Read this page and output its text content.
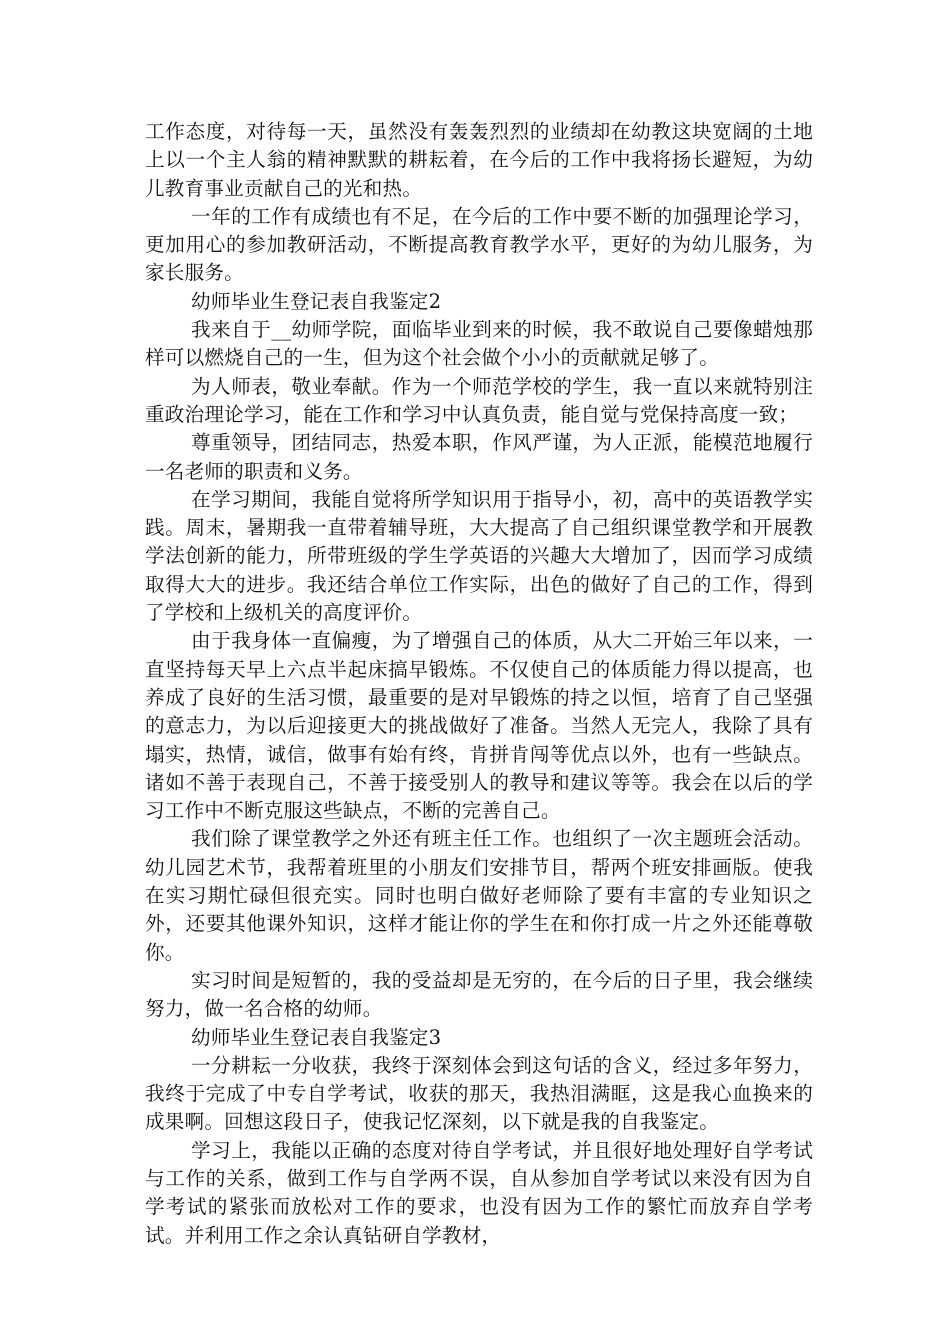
工作态度，对待每一天，虽然没有轰轰烈烈的业绩却在幼教这块宽阔的土地上以一个主人翁的精神默默的耕耘着，在今后的工作中我将扬长避短，为幼儿教育事业贡献自己的光和热。

一年的工作有成绩也有不足，在今后的工作中要不断的加强理论学习，更加用心的参加教研活动，不断提高教育教学水平，更好的为幼儿服务，为家长服务。

幼师毕业生登记表自我鉴定2

我来自于__幼师学院，面临毕业到来的时候，我不敢说自己要像蜡烛那样可以燃烧自己的一生，但为这个社会做个小小的贡献就足够了。

为人师表，敬业奉献。作为一个师范学校的学生，我一直以来就特别注重政治理论学习，能在工作和学习中认真负责，能自觉与党保持高度一致；

尊重领导，团结同志，热爱本职，作风严谨，为人正派，能模范地履行一名老师的职责和义务。

在学习期间，我能自觉将所学知识用于指导小，初，高中的英语教学实践。周末，暑期我一直带着辅导班，大大提高了自己组织课堂教学和开展教学法创新的能力，所带班级的学生学英语的兴趣大大增加了，因而学习成绩取得大大的进步。我还结合单位工作实际，出色的做好了自己的工作，得到了学校和上级机关的高度评价。

由于我身体一直偏瘦，为了增强自己的体质，从大二开始三年以来，一直坚持每天早上六点半起床搞早锻炼。不仅使自己的体质能力得以提高，也养成了良好的生活习惯，最重要的是对早锻炼的持之以恒，培育了自己坚强的意志力，为以后迎接更大的挑战做好了准备。当然人无完人，我除了具有塌实，热情，诚信，做事有始有终，肯拼肯闯等优点以外，也有一些缺点。诸如不善于表现自己，不善于接受别人的教导和建议等等。我会在以后的学习工作中不断克服这些缺点，不断的完善自己。

我们除了课堂教学之外还有班主任工作。也组织了一次主题班会活动。幼儿园艺术节，我帮着班里的小朋友们安排节目，帮两个班安排画版。使我在实习期忙碌但很充实。同时也明白做好老师除了要有丰富的专业知识之外，还要其他课外知识，这样才能让你的学生在和你打成一片之外还能尊敬你。

实习时间是短暂的，我的受益却是无穷的，在今后的日子里，我会继续努力，做一名合格的幼师。

幼师毕业生登记表自我鉴定3

一分耕耘一分收获，我终于深刻体会到这句话的含义，经过多年努力，我终于完成了中专自学考试，收获的那天，我热泪满眶，这是我心血换来的成果啊。回想这段日子，使我记忆深刻，以下就是我的自我鉴定。

学习上，我能以正确的态度对待自学考试，并且很好地处理好自学考试与工作的关系，做到工作与自学两不误，自从参加自学考试以来没有因为自学考试的紧张而放松对工作的要求，也没有因为工作的繁忙而放弃自学考试。并利用工作之余认真钻研自学教材，
